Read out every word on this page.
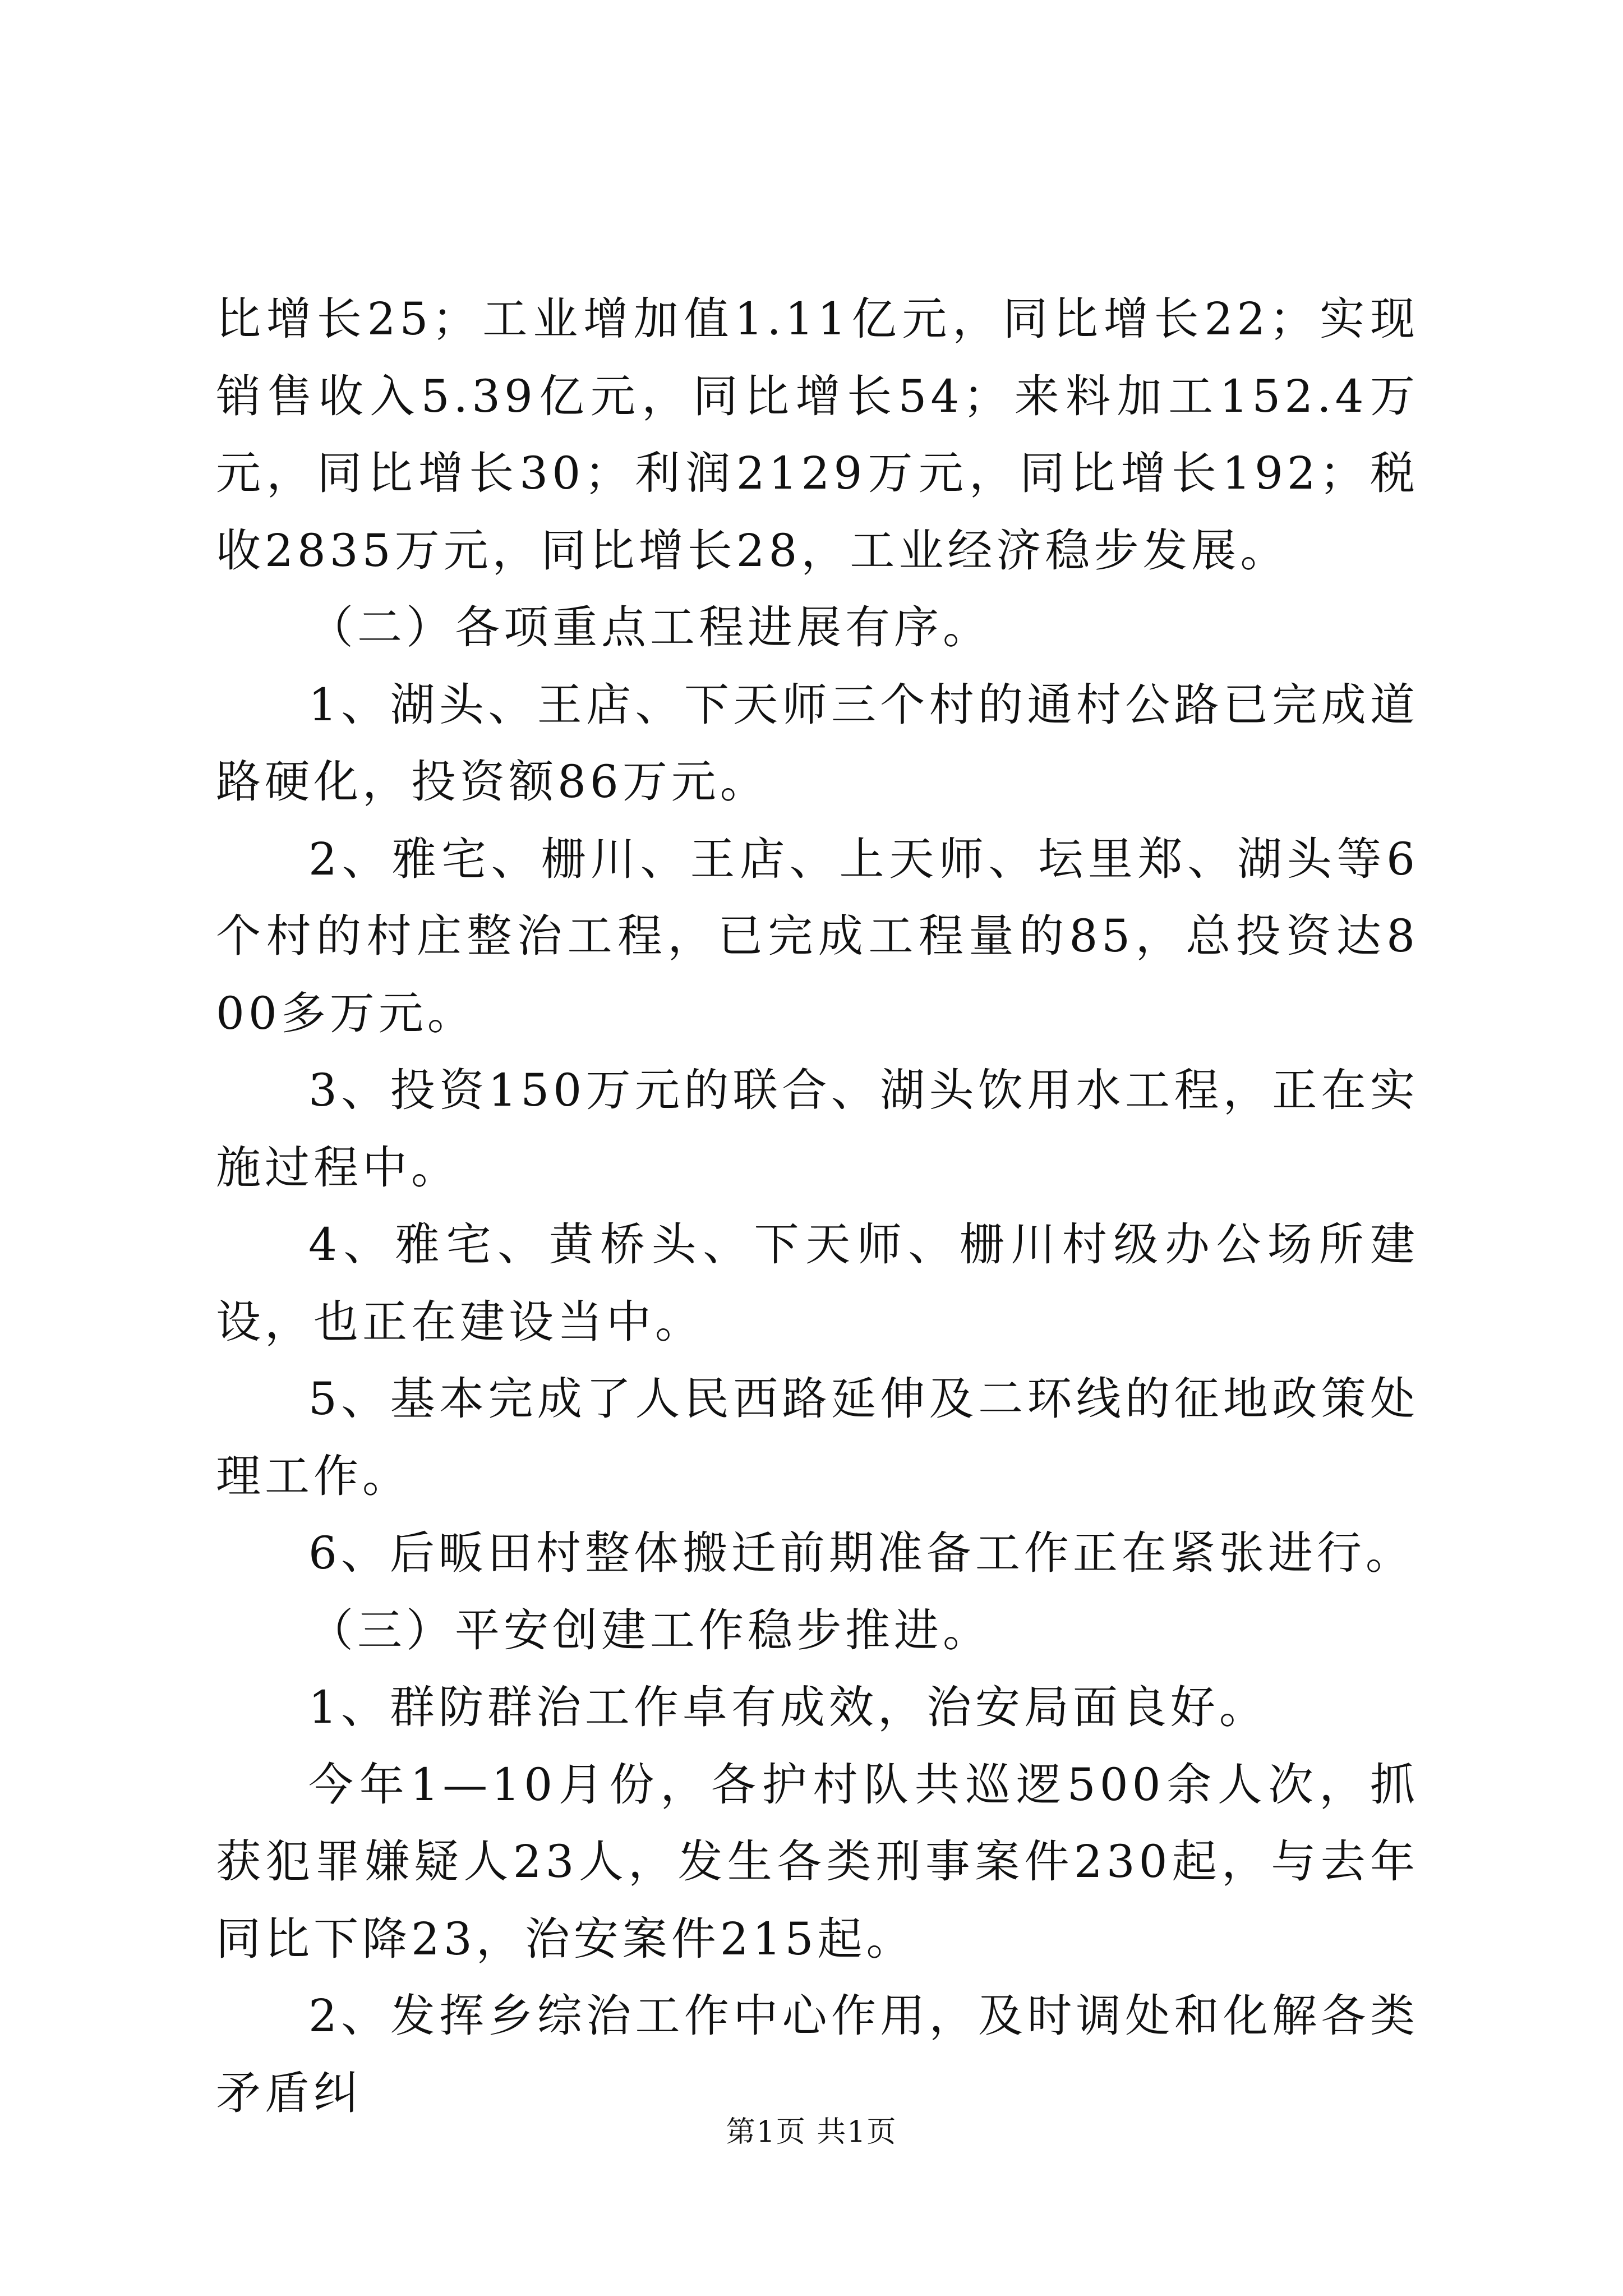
比增长25；工业增加值1.11亿元，同比增长22；实现销售收入5.39亿元，同比增长54；来料加工152.4万元，同比增长30；利润2129万元，同比增长192；税收2835万元，同比增长28，工业经济稳步发展。

（二）各项重点工程进展有序。

1、湖头、王店、下天师三个村的通村公路已完成道路硬化，投资额86万元。

2、雅宅、栅川、王店、上天师、坛里郑、湖头等6个村的村庄整治工程，已完成工程量的85，总投资达800多万元。

3、投资150万元的联合、湖头饮用水工程，正在实施过程中。

4、雅宅、黄桥头、下天师、栅川村级办公场所建设，也正在建设当中。

5、基本完成了人民西路延伸及二环线的征地政策处理工作。

6、后畈田村整体搬迁前期准备工作正在紧张进行。

（三）平安创建工作稳步推进。

1、群防群治工作卓有成效，治安局面良好。

今年1—10月份，各护村队共巡逻500余人次，抓获犯罪嫌疑人23人，发生各类刑事案件230起，与去年同比下降23，治安案件215起。

2、发挥乡综治工作中心作用，及时调处和化解各类矛盾纠

第1页 共1页
